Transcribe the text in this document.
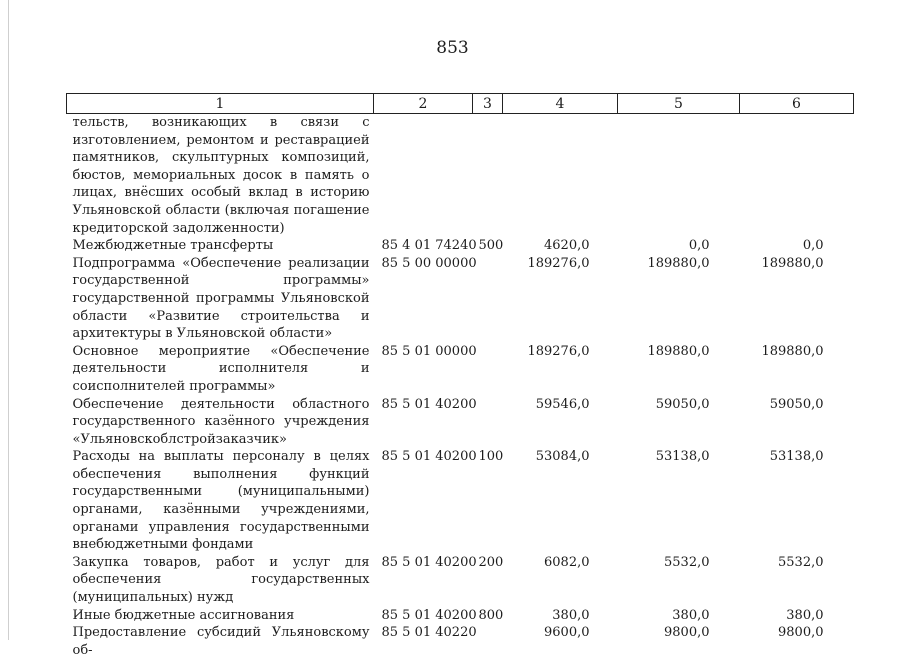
853
1	2	3	4	5	6
тельств, возникающих в связи с изготовлением, ремонтом и реставрацией памятников, скульптурных композиций, бюстов, мемориальных досок в память о лицах, внёсших особый вклад в историю Ульяновской области (включая погашение кредиторской задолженности)					
Межбюджетные трансферты	85 4 01 74240	500	4620,0	0,0	0,0
Подпрограмма «Обеспечение реализации государственной программы» государственной программы Ульяновской области «Развитие строительства и архитектуры в Ульяновской области»	85 5 00 00000		189276,0	189880,0	189880,0
Основное мероприятие «Обеспечение деятельности исполнителя и соисполнителей программы»	85 5 01 00000		189276,0	189880,0	189880,0
Обеспечение деятельности областного государственного казённого учреждения «Ульяновскоблстройзаказчик»	85 5 01 40200		59546,0	59050,0	59050,0
Расходы на выплаты персоналу в целях обеспечения выполнения функций государственными (муниципальными) органами, казёнными учреждениями, органами управления государственными внебюджетными фондами	85 5 01 40200	100	53084,0	53138,0	53138,0
Закупка товаров, работ и услуг для обеспечения государственных (муниципальных) нужд	85 5 01 40200	200	6082,0	5532,0	5532,0
Иные бюджетные ассигнования	85 5 01 40200	800	380,0	380,0	380,0
Предоставление субсидий Ульяновскому об-	85 5 01 40220		9600,0	9800,0	9800,0
